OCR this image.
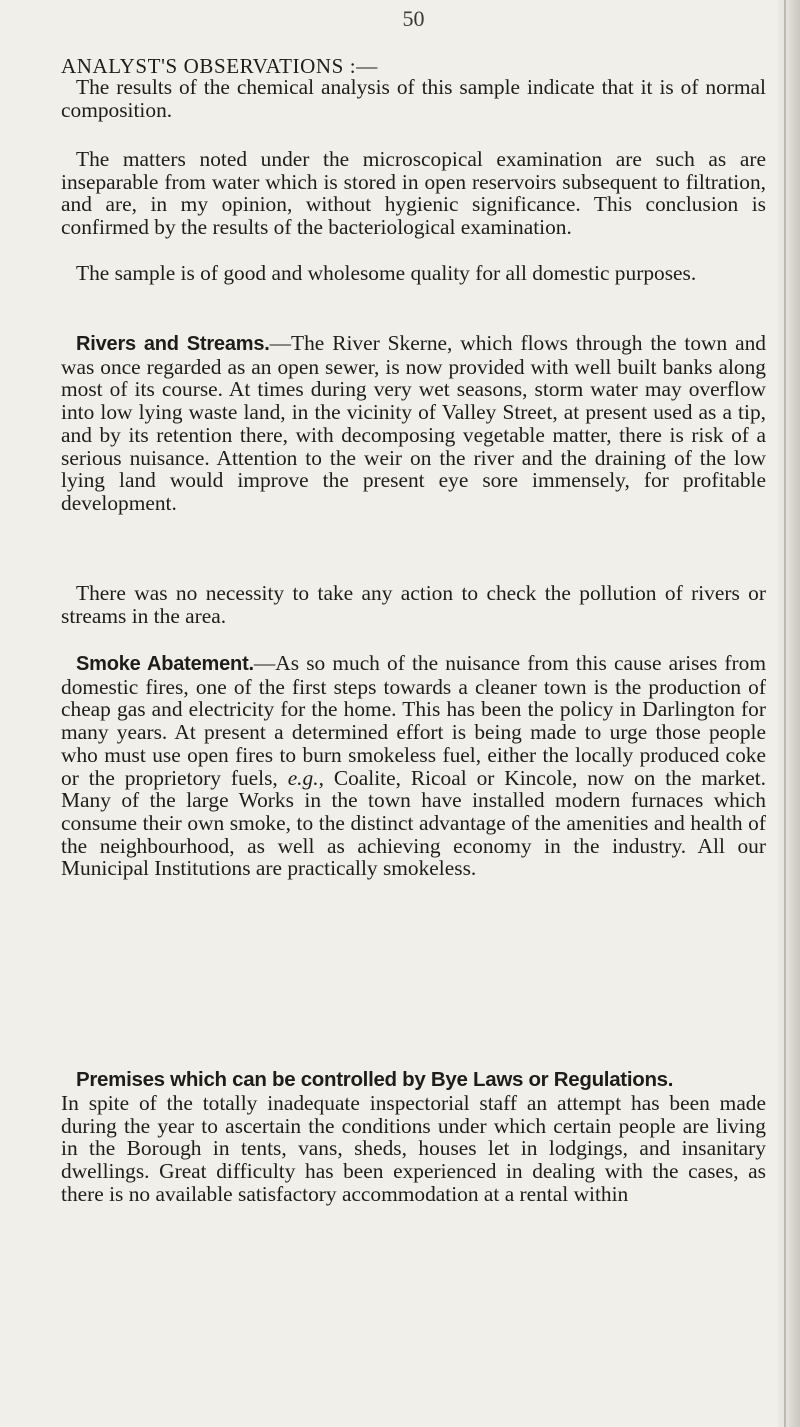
50
ANALYST'S OBSERVATIONS :—

The results of the chemical analysis of this sample indicate that it is of normal composition.

The matters noted under the microscopical examination are such as are inseparable from water which is stored in open reservoirs subsequent to filtration, and are, in my opinion, without hygienic significance. This conclusion is confirmed by the results of the bacteriological examination.

The sample is of good and wholesome quality for all domestic purposes.

Rivers and Streams.—The River Skerne, which flows through the town and was once regarded as an open sewer, is now provided with well built banks along most of its course. At times during very wet seasons, storm water may overflow into low lying waste land, in the vicinity of Valley Street, at present used as a tip, and by its retention there, with decomposing vegetable matter, there is risk of a serious nuisance. Attention to the weir on the river and the draining of the low lying land would improve the present eye sore immensely, for profitable development.

There was no necessity to take any action to check the pollution of rivers or streams in the area.

Smoke Abatement.—As so much of the nuisance from this cause arises from domestic fires, one of the first steps towards a cleaner town is the production of cheap gas and electricity for the home. This has been the policy in Darlington for many years. At present a determined effort is being made to urge those people who must use open fires to burn smokeless fuel, either the locally produced coke or the proprietory fuels, e.g., Coalite, Ricoal or Kincole, now on the market. Many of the large Works in the town have installed modern furnaces which consume their own smoke, to the distinct advantage of the amenities and health of the neighbourhood, as well as achieving economy in the industry. All our Municipal Institutions are practically smokeless.

Premises which can be controlled by Bye Laws or Regulations.

In spite of the totally inadequate inspectorial staff an attempt has been made during the year to ascertain the conditions under which certain people are living in the Borough in tents, vans, sheds, houses let in lodgings, and insanitary dwellings. Great difficulty has been experienced in dealing with the cases, as there is no available satisfactory accommodation at a rental within
